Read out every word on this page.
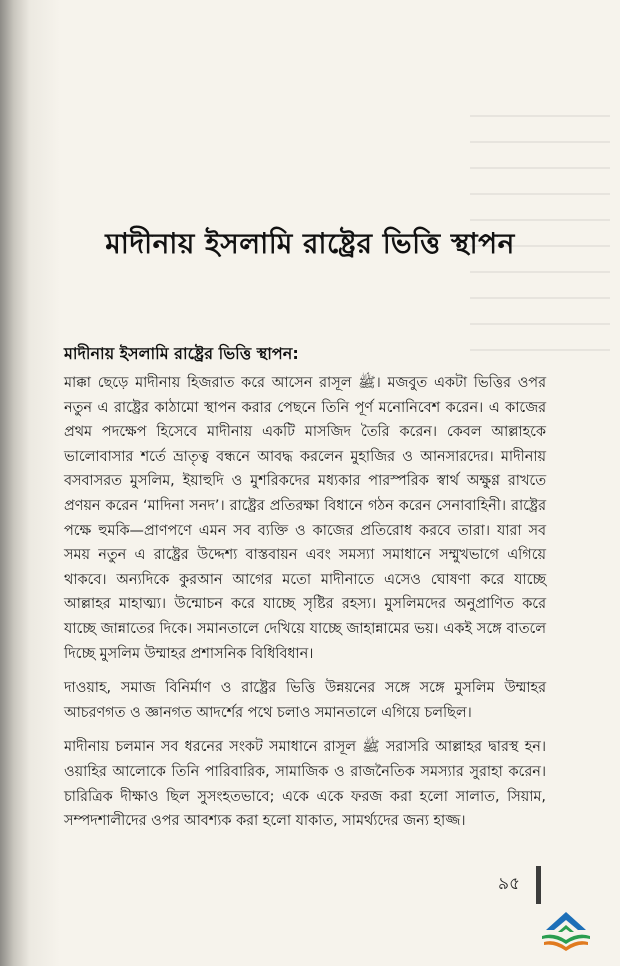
মাদীনায় ইসলামি রাষ্ট্রের ভিত্তি স্থাপন
মাদীনায় ইসলামি রাষ্ট্রের ভিত্তি স্থাপন:

মাক্কা ছেড়ে মাদীনায় হিজরাত করে আসেন রাসূল ﷺ। মজবুত একটা ভিত্তির ওপর নতুন এ রাষ্ট্রের কাঠামো স্থাপন করার পেছনে তিনি পূর্ণ মনোনিবেশ করেন। এ কাজের প্রথম পদক্ষেপ হিসেবে মাদীনায় একটি মাসজিদ তৈরি করেন। কেবল আল্লাহকে ভালোবাসার শর্তে ভ্রাতৃত্ব বন্ধনে আবদ্ধ করলেন মুহাজির ও আনসারদের। মাদীনায় বসবাসরত মুসলিম, ইয়াহুদি ও মুশরিকদের মধ্যকার পারস্পরিক স্বার্থ অক্ষুণ্ণ রাখতে প্রণয়ন করেন ‘মাদিনা সনদ’। রাষ্ট্রের প্রতিরক্ষা বিধানে গঠন করেন সেনাবাহিনী। রাষ্ট্রের পক্ষে হুমকি—প্রাণপণে এমন সব ব্যক্তি ও কাজের প্রতিরোধ করবে তারা। যারা সব সময় নতুন এ রাষ্ট্রের উদ্দেশ্য বাস্তবায়ন এবং সমস্যা সমাধানে সম্মুখভাগে এগিয়ে থাকবে। অন্যদিকে কুরআন আগের মতো মাদীনাতে এসেও ঘোষণা করে যাচ্ছে আল্লাহর মাহাত্ম্য। উন্মোচন করে যাচ্ছে সৃষ্টির রহস্য। মুসলিমদের অনুপ্রাণিত করে যাচ্ছে জান্নাতের দিকে। সমানতালে দেখিয়ে যাচ্ছে জাহান্নামের ভয়। একই সঙ্গে বাতলে দিচ্ছে মুসলিম উম্মাহর প্রশাসনিক বিধিবিধান।

দাওয়াহ, সমাজ বিনির্মাণ ও রাষ্ট্রের ভিত্তি উন্নয়নের সঙ্গে সঙ্গে মুসলিম উম্মাহর আচরণগত ও জ্ঞানগত আদর্শের পথে চলাও সমানতালে এগিয়ে চলছিল।

মাদীনায় চলমান সব ধরনের সংকট সমাধানে রাসূল ﷺ সরাসরি আল্লাহর দ্বারস্থ হন। ওয়াহির আলোকে তিনি পারিবারিক, সামাজিক ও রাজনৈতিক সমস্যার সুরাহা করেন। চারিত্রিক দীক্ষাও ছিল সুসংহতভাবে; একে একে ফরজ করা হলো সালাত, সিয়াম, সম্পদশালীদের ওপর আবশ্যক করা হলো যাকাত, সামর্থ্যদের জন্য হাজ্জ।

৯৫
